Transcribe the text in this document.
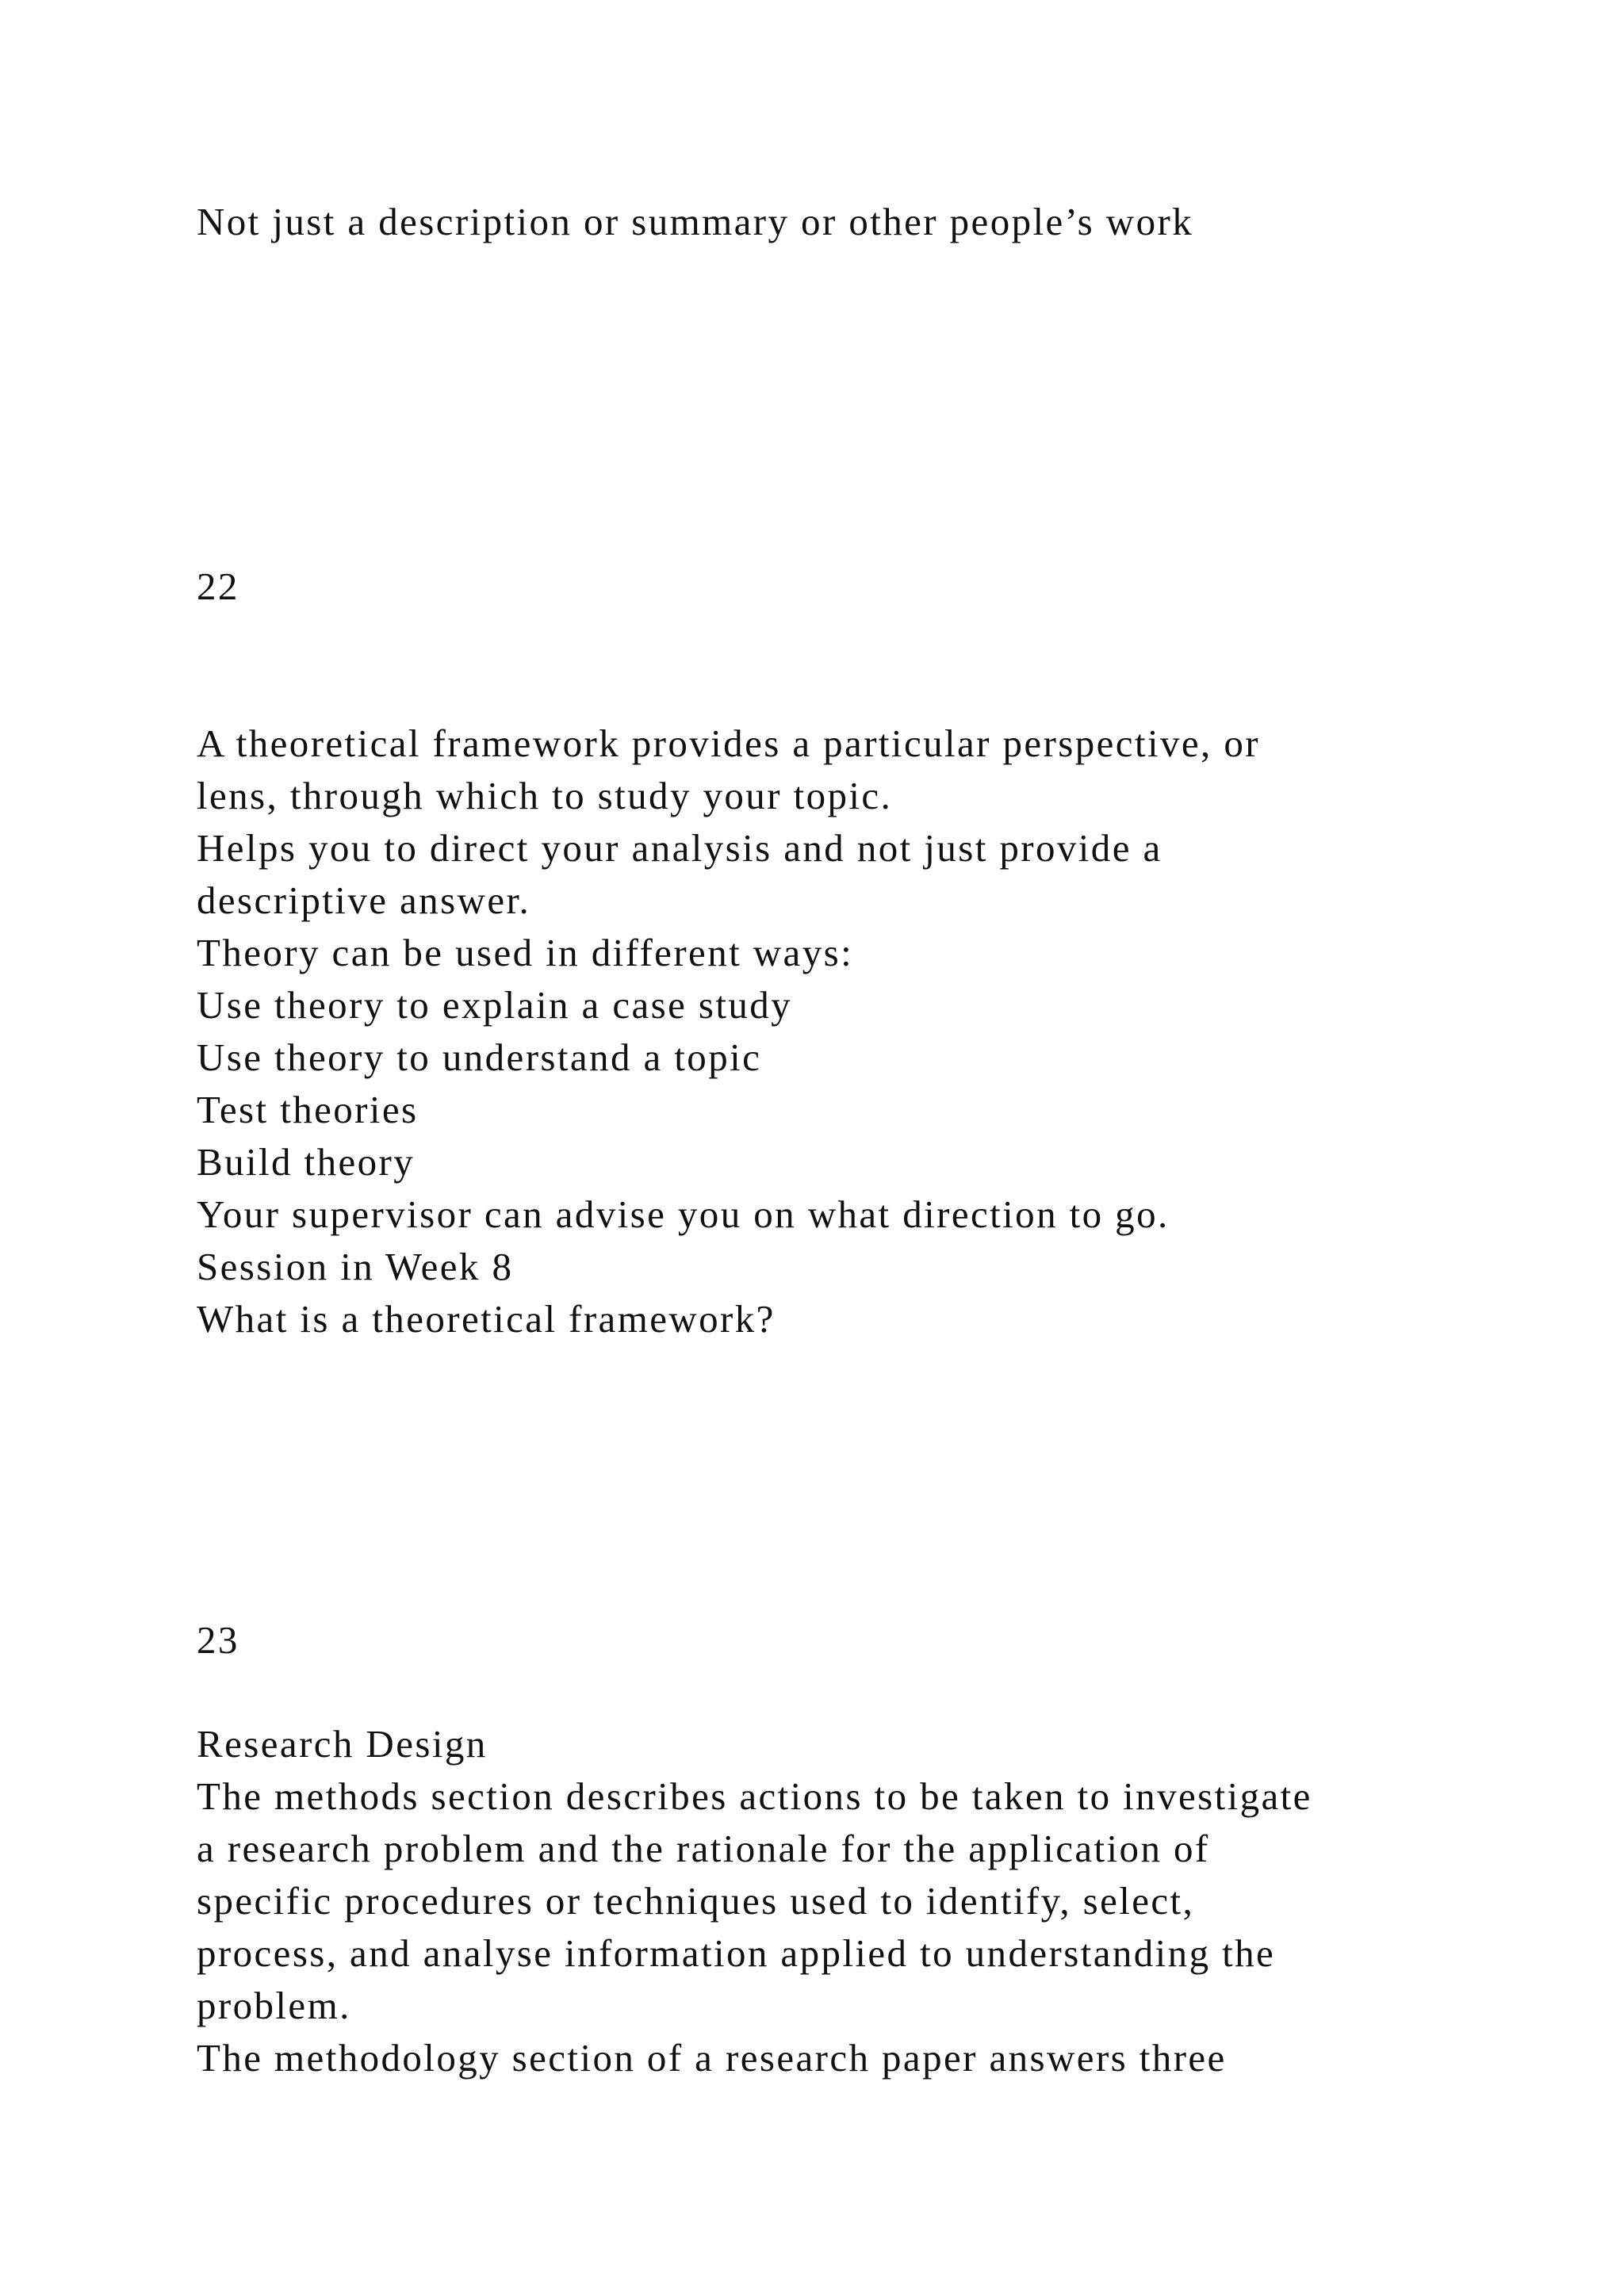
Not just a description or summary or other people’s work
22
A theoretical framework provides a particular perspective, or
lens, through which to study your topic.
Helps you to direct your analysis and not just provide a
descriptive answer.
Theory can be used in different ways:
Use theory to explain a case study
Use theory to understand a topic
Test theories
Build theory
Your supervisor can advise you on what direction to go.
Session in Week 8
What is a theoretical framework?
23
Research Design
The methods section describes actions to be taken to investigate
a research problem and the rationale for the application of
specific procedures or techniques used to identify, select,
process, and analyse information applied to understanding the
problem.
The methodology section of a research paper answers three
